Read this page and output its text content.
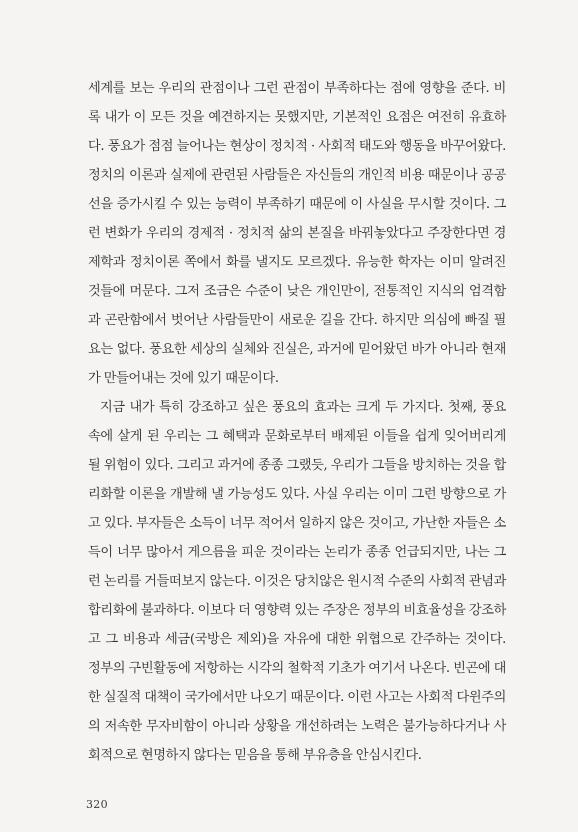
세계를 보는 우리의 관점이나 그런 관점이 부족하다는 점에 영향을 준다. 비록 내가 이 모든 것을 예견하지는 못했지만, 기본적인 요점은 여전히 유효하다. 풍요가 점점 늘어나는 현상이 정치적 · 사회적 태도와 행동을 바꾸어왔다. 정치의 이론과 실제에 관련된 사람들은 자신들의 개인적 비용 때문이나 공공선을 증가시킬 수 있는 능력이 부족하기 때문에 이 사실을 무시할 것이다. 그런 변화가 우리의 경제적 · 정치적 삶의 본질을 바꿔놓았다고 주장한다면 경제학과 정치이론 쪽에서 화를 낼지도 모르겠다. 유능한 학자는 이미 알려진 것들에 머문다. 그저 조금은 수준이 낮은 개인만이, 전통적인 지식의 엄격함과 곤란함에서 벗어난 사람들만이 새로운 길을 간다. 하지만 의심에 빠질 필요는 없다. 풍요한 세상의 실체와 진실은, 과거에 믿어왔던 바가 아니라 현재가 만들어내는 것에 있기 때문이다.

지금 내가 특히 강조하고 싶은 풍요의 효과는 크게 두 가지다. 첫째, 풍요 속에 살게 된 우리는 그 혜택과 문화로부터 배제된 이들을 쉽게 잊어버리게 될 위험이 있다. 그리고 과거에 종종 그랬듯, 우리가 그들을 방치하는 것을 합리화할 이론을 개발해 낼 가능성도 있다. 사실 우리는 이미 그런 방향으로 가고 있다. 부자들은 소득이 너무 적어서 일하지 않은 것이고, 가난한 자들은 소득이 너무 많아서 게으름을 피운 것이라는 논리가 종종 언급되지만, 나는 그런 논리를 거들떠보지 않는다. 이것은 당치않은 원시적 수준의 사회적 관념과 합리화에 불과하다. 이보다 더 영향력 있는 주장은 정부의 비효율성을 강조하고 그 비용과 세금(국방은 제외)을 자유에 대한 위협으로 간주하는 것이다. 정부의 구빈활동에 저항하는 시각의 철학적 기초가 여기서 나온다. 빈곤에 대한 실질적 대책이 국가에서만 나오기 때문이다. 이런 사고는 사회적 다윈주의의 저속한 무자비함이 아니라 상황을 개선하려는 노력은 불가능하다거나 사회적으로 현명하지 않다는 믿음을 통해 부유층을 안심시킨다.

320
